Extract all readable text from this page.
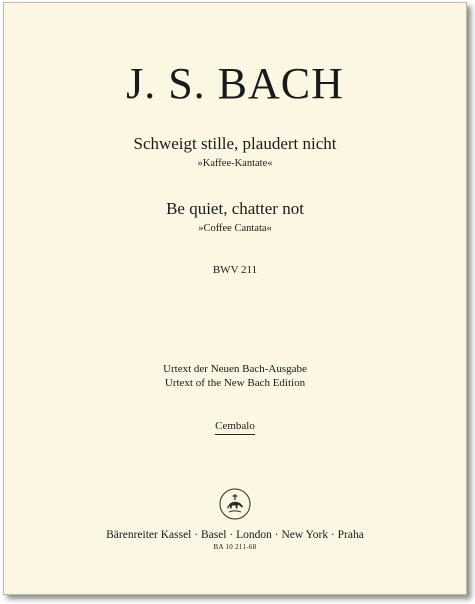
J. S. BACH
Schweigt stille, plaudert nicht
»Kaffee-Kantate«
Be quiet, chatter not
»Coffee Cantata«
BWV 211
Urtext der Neuen Bach-Ausgabe
Urtext of the New Bach Edition
Cembalo
Bärenreiter Kassel · Basel · London · New York · Praha
BA 10 211-68
